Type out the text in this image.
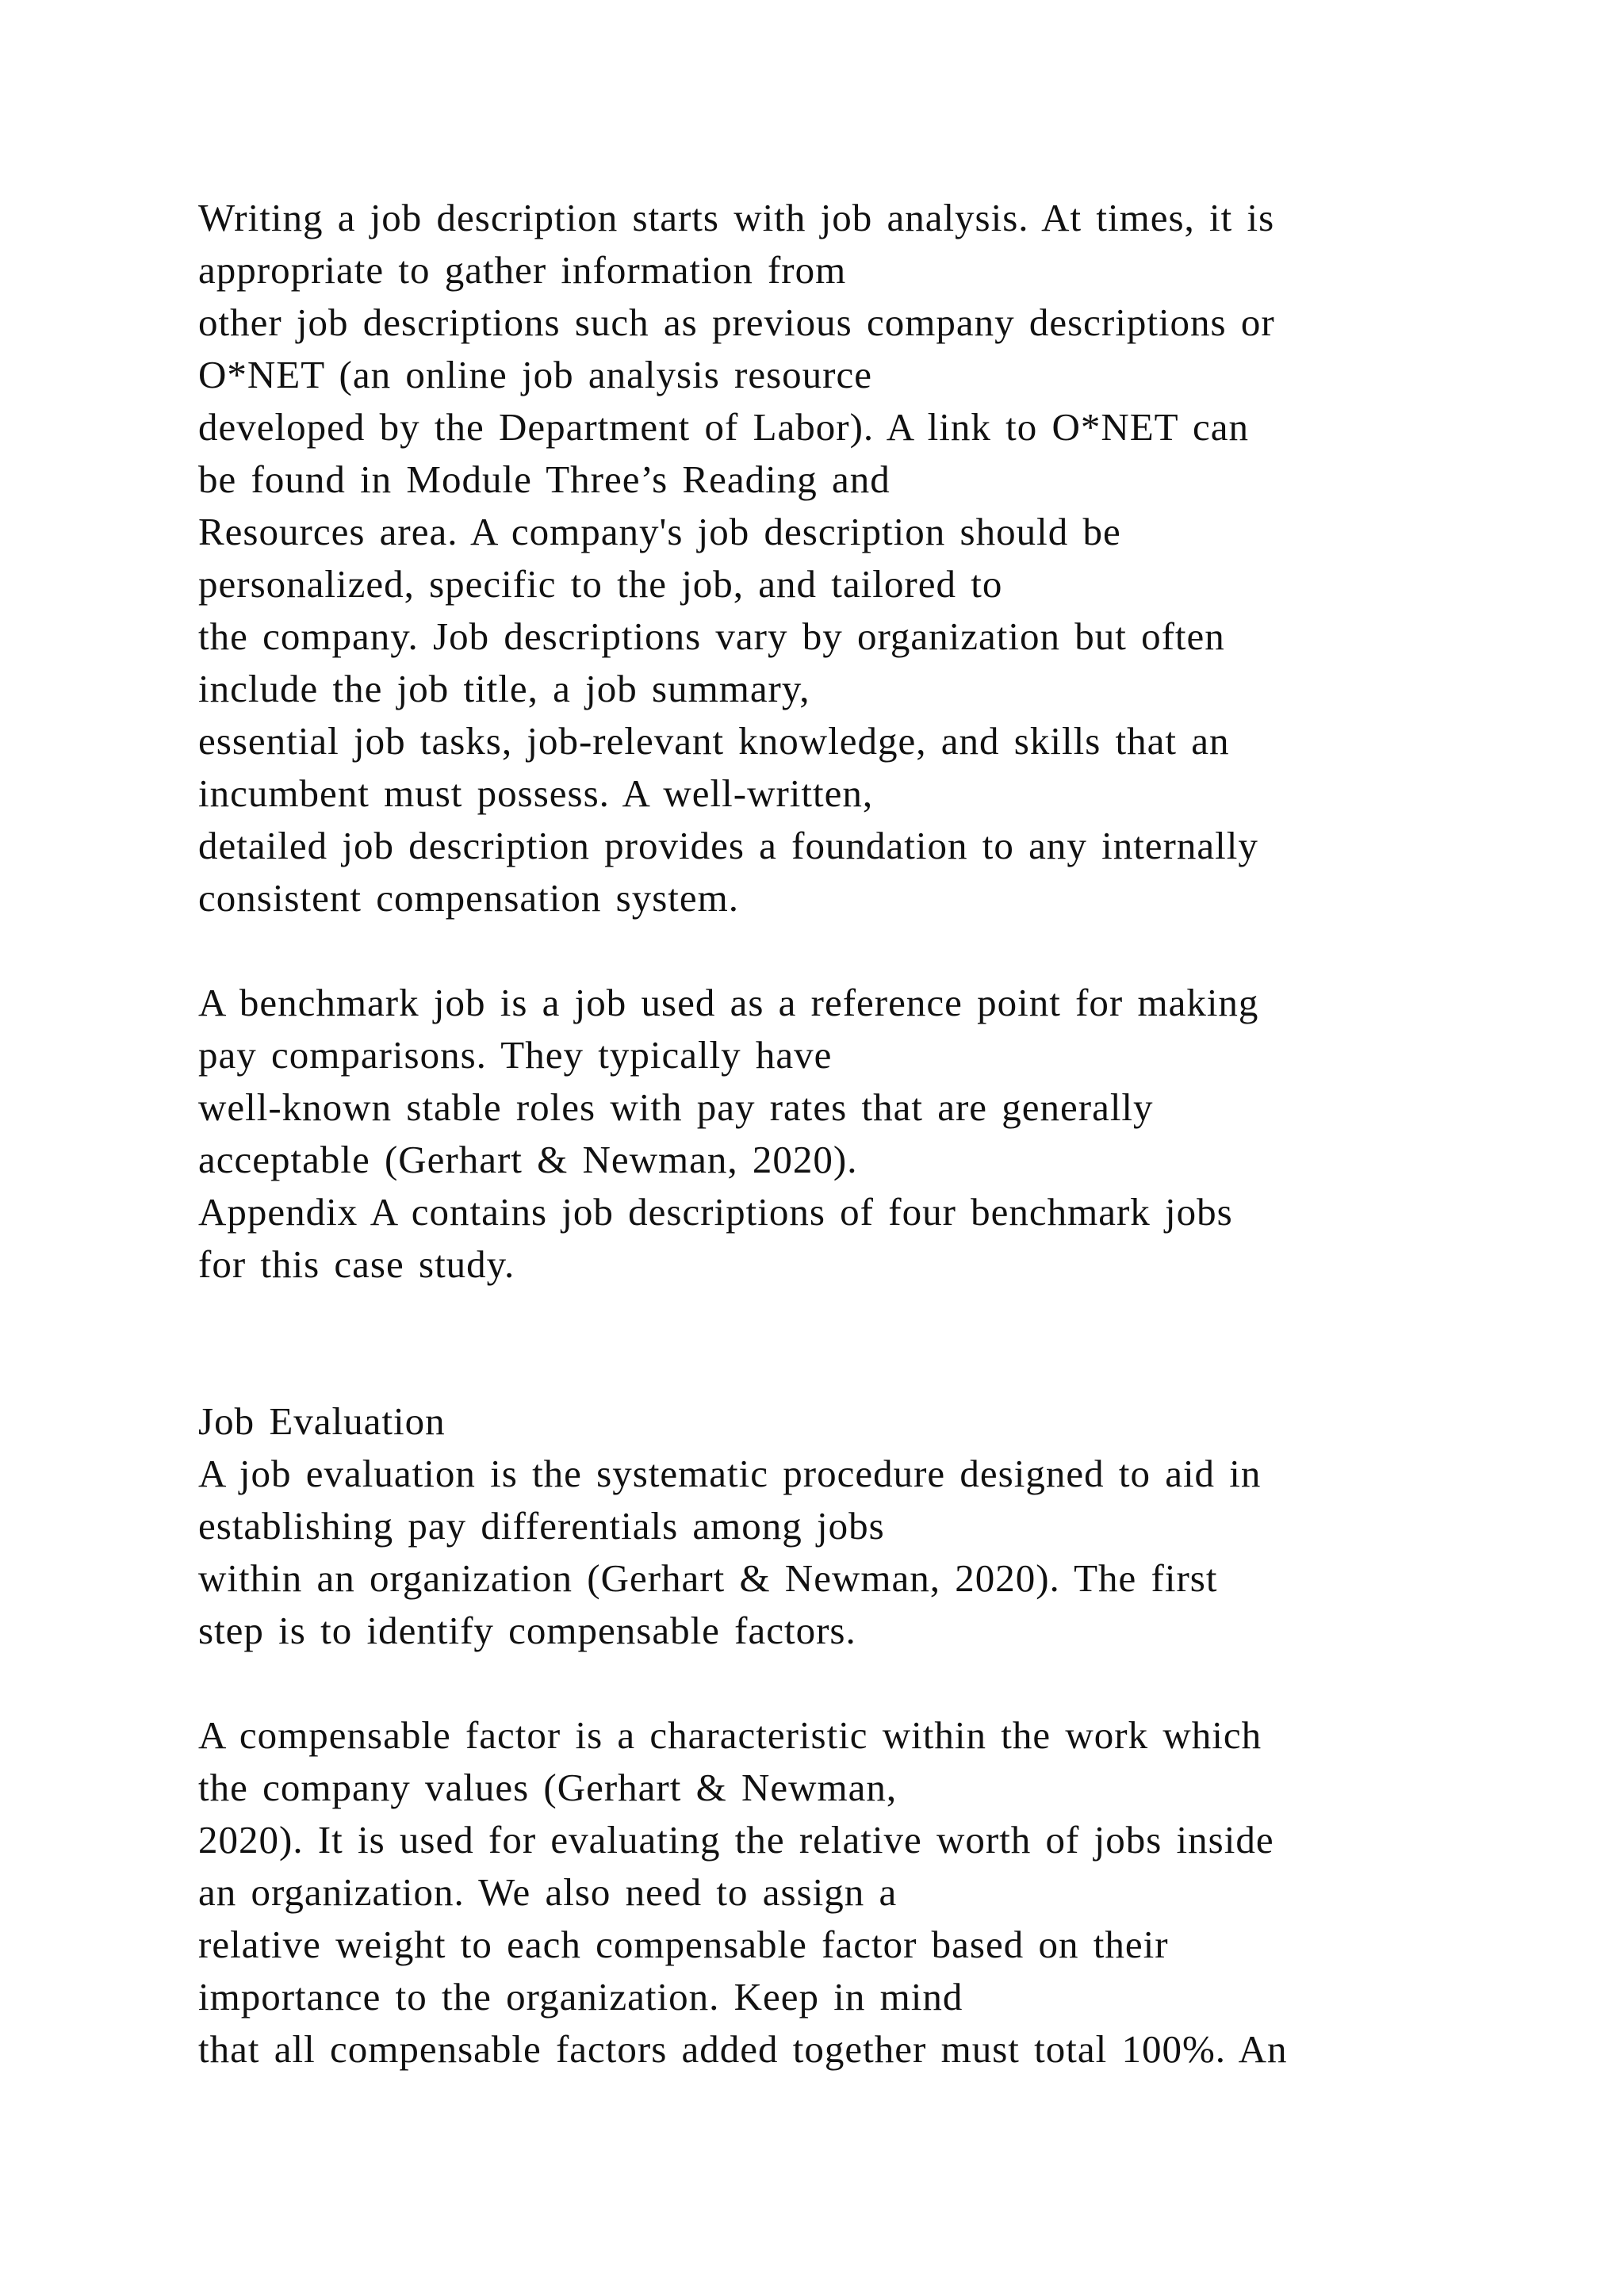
Writing a job description starts with job analysis. At times, it is
appropriate to gather information from
other job descriptions such as previous company descriptions or
O*NET (an online job analysis resource
developed by the Department of Labor). A link to O*NET can
be found in Module Three’s Reading and
Resources area. A company's job description should be
personalized, specific to the job, and tailored to
the company. Job descriptions vary by organization but often
include the job title, a job summary,
essential job tasks, job-relevant knowledge, and skills that an
incumbent must possess. A well-written,
detailed job description provides a foundation to any internally
consistent compensation system.
A benchmark job is a job used as a reference point for making
pay comparisons. They typically have
well-known stable roles with pay rates that are generally
acceptable (Gerhart & Newman, 2020).
Appendix A contains job descriptions of four benchmark jobs
for this case study.
Job Evaluation
A job evaluation is the systematic procedure designed to aid in
establishing pay differentials among jobs
within an organization (Gerhart & Newman, 2020). The first
step is to identify compensable factors.
A compensable factor is a characteristic within the work which
the company values (Gerhart & Newman,
2020). It is used for evaluating the relative worth of jobs inside
an organization. We also need to assign a
relative weight to each compensable factor based on their
importance to the organization. Keep in mind
that all compensable factors added together must total 100%. An
